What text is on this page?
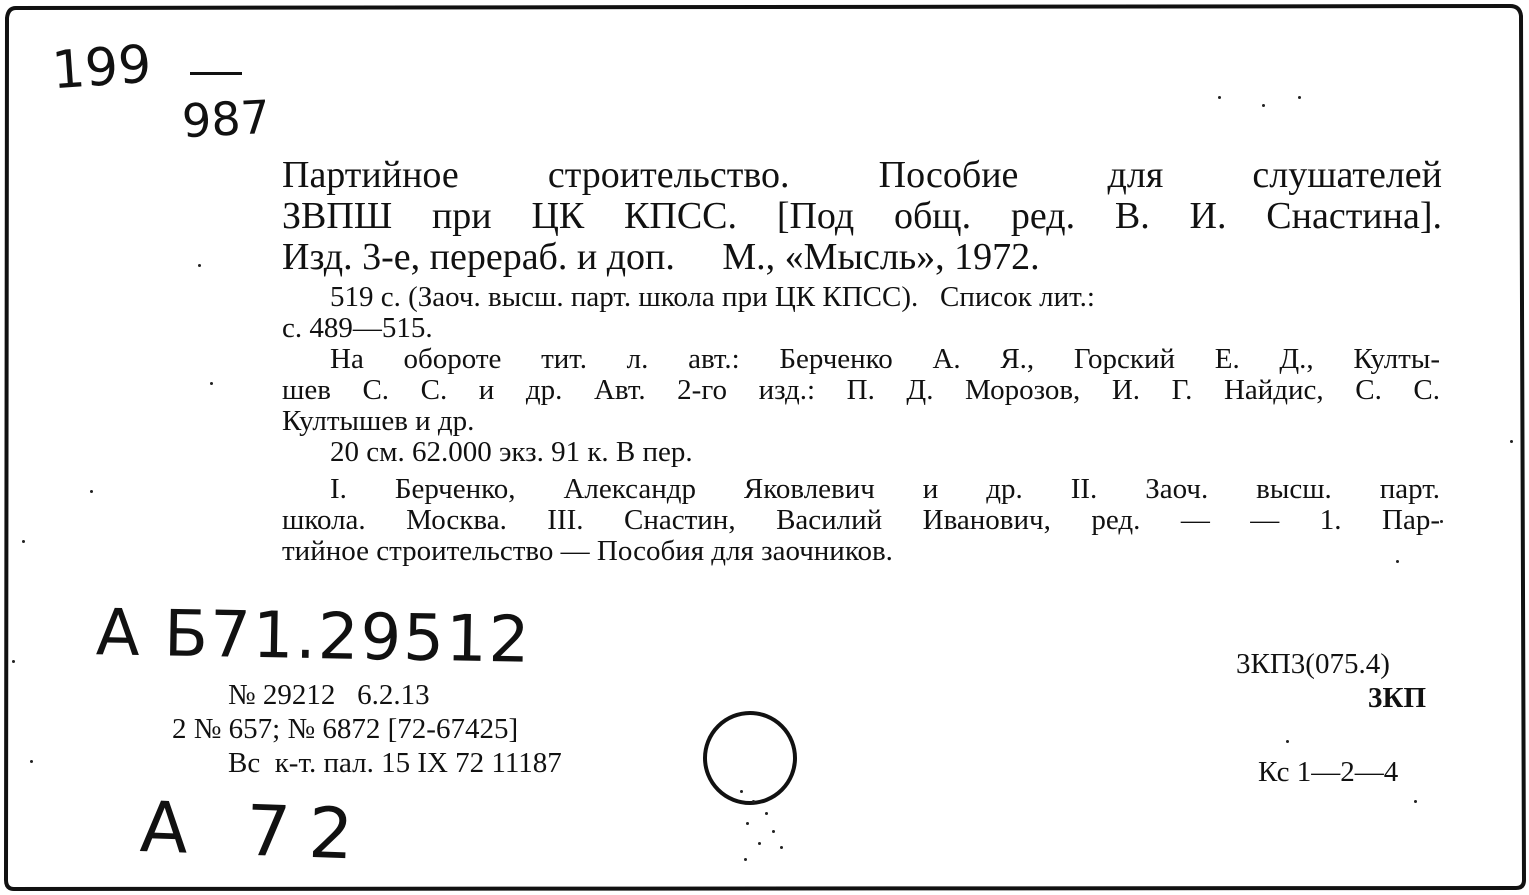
199
987
Партийное строительство. Пособие для слушателей
ЗВПШ при ЦК КПСС. [Под общ. ред. В. И. Снастина].
Изд. 3-е, перераб. и доп.     М., «Мысль», 1972.
519 с. (Заоч. высш. парт. школа при ЦК КПСС).   Список лит.:
с. 489—515.
На обороте тит. л. авт.: Берченко А. Я., Горский Е. Д., Култы-
шев С. С. и др. Авт. 2-го изд.: П. Д. Морозов, И. Г. Найдис, С. С.
Култышев и др.
20 см. 62.000 экз. 91 к. В пер.
I. Берченко, Александр Яковлевич и др. II. Заоч. высш. парт.
школа. Москва. III. Снастин, Василий Иванович, ред. — — 1. Пар-
тийное строительство — Пособия для заочников.
А Б71.29512
№ 29212   6.2.13
2 № 657; № 6872 [72-67425]
Вс  к-т. пал. 15 IX 72 11187
А 72
3КП3(075.4)
3КП
Кс 1—2—4
